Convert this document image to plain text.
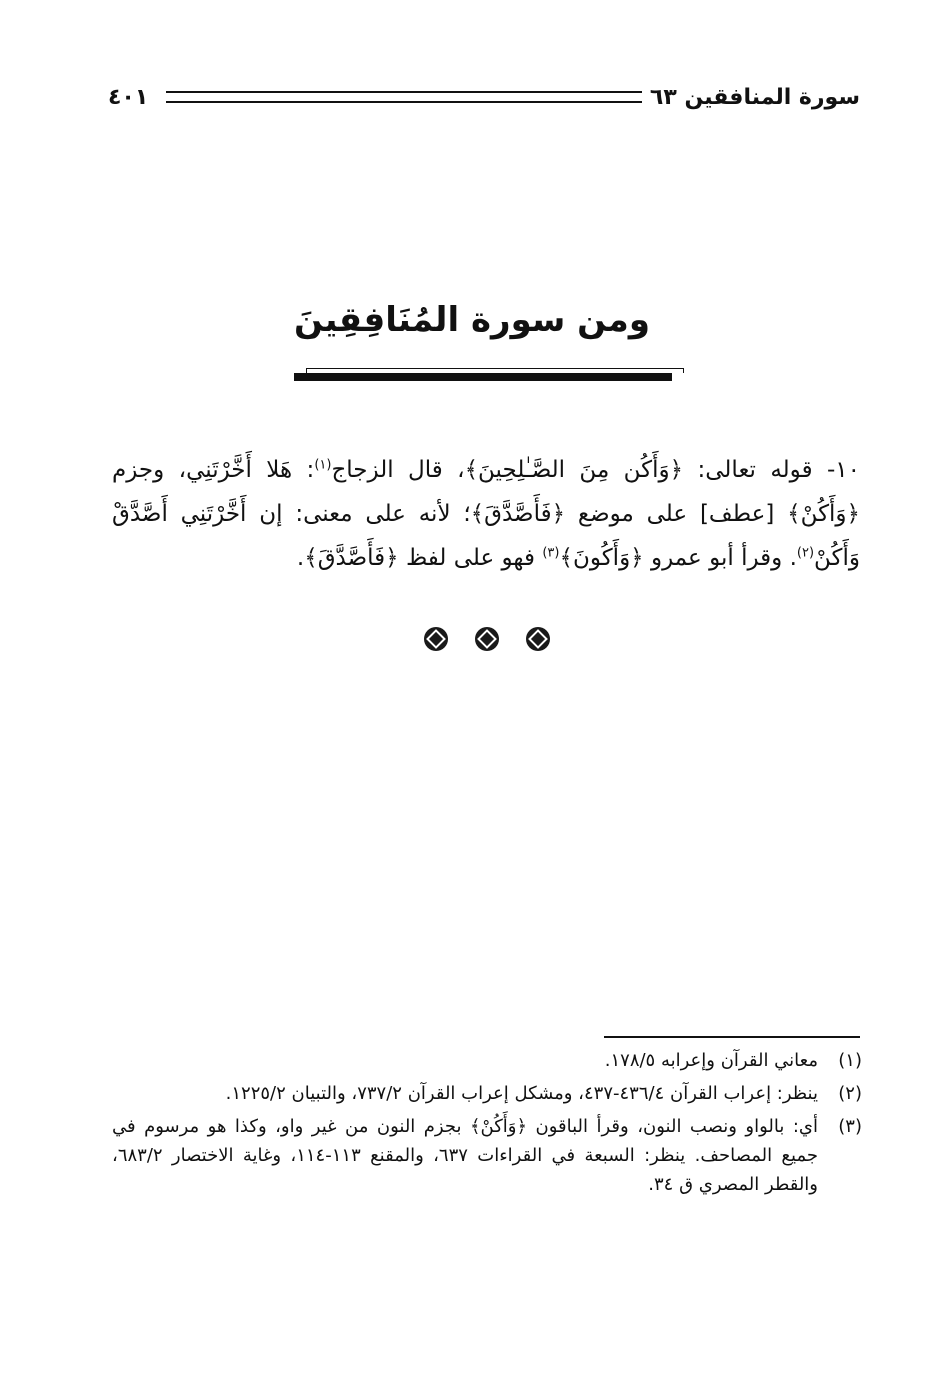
٤٠١	سورة المنافقين ٦٣
ومن سورة المُنَافِقِينَ
١٠- قوله تعالى: ﴿وَأَكُن مِنَ الصَّـٰلِحِينَ﴾، قال الزجاج$^{(١)}$: هَلا أَخَّرْتَنِي، وجزم ﴿وَأَكُنْ﴾ [عطف] على موضع ﴿فَأَصَّدَّقَ﴾؛ لأنه على معنى: إن أَخَّرْتَنِي أَصَّدَّقْ وَأَكُنْ$^{(٢)}$. وقرأ أبو عمرو ﴿وَأَكُونَ﴾$^{(٣)}$ فهو على لفظ ﴿فَأَصَّدَّقَ﴾.
(١)
معاني القرآن وإعرابه ١٧٨/٥.
(٢)
ينظر: إعراب القرآن ٤٣٦/٤-٤٣٧، ومشكل إعراب القرآن ٧٣٧/٢، والتبيان ١٢٢٥/٢.
(٣)
أي: بالواو ونصب النون، وقرأ الباقون ﴿وَأَكُنْ﴾ بجزم النون من غير واو، وكذا هو مرسوم في جميع المصاحف. ينظر: السبعة في القراءات ٦٣٧، والمقنع ١١٣-١١٤، وغاية الاختصار ٦٨٣/٢، والقطر المصري ق ٣٤.
